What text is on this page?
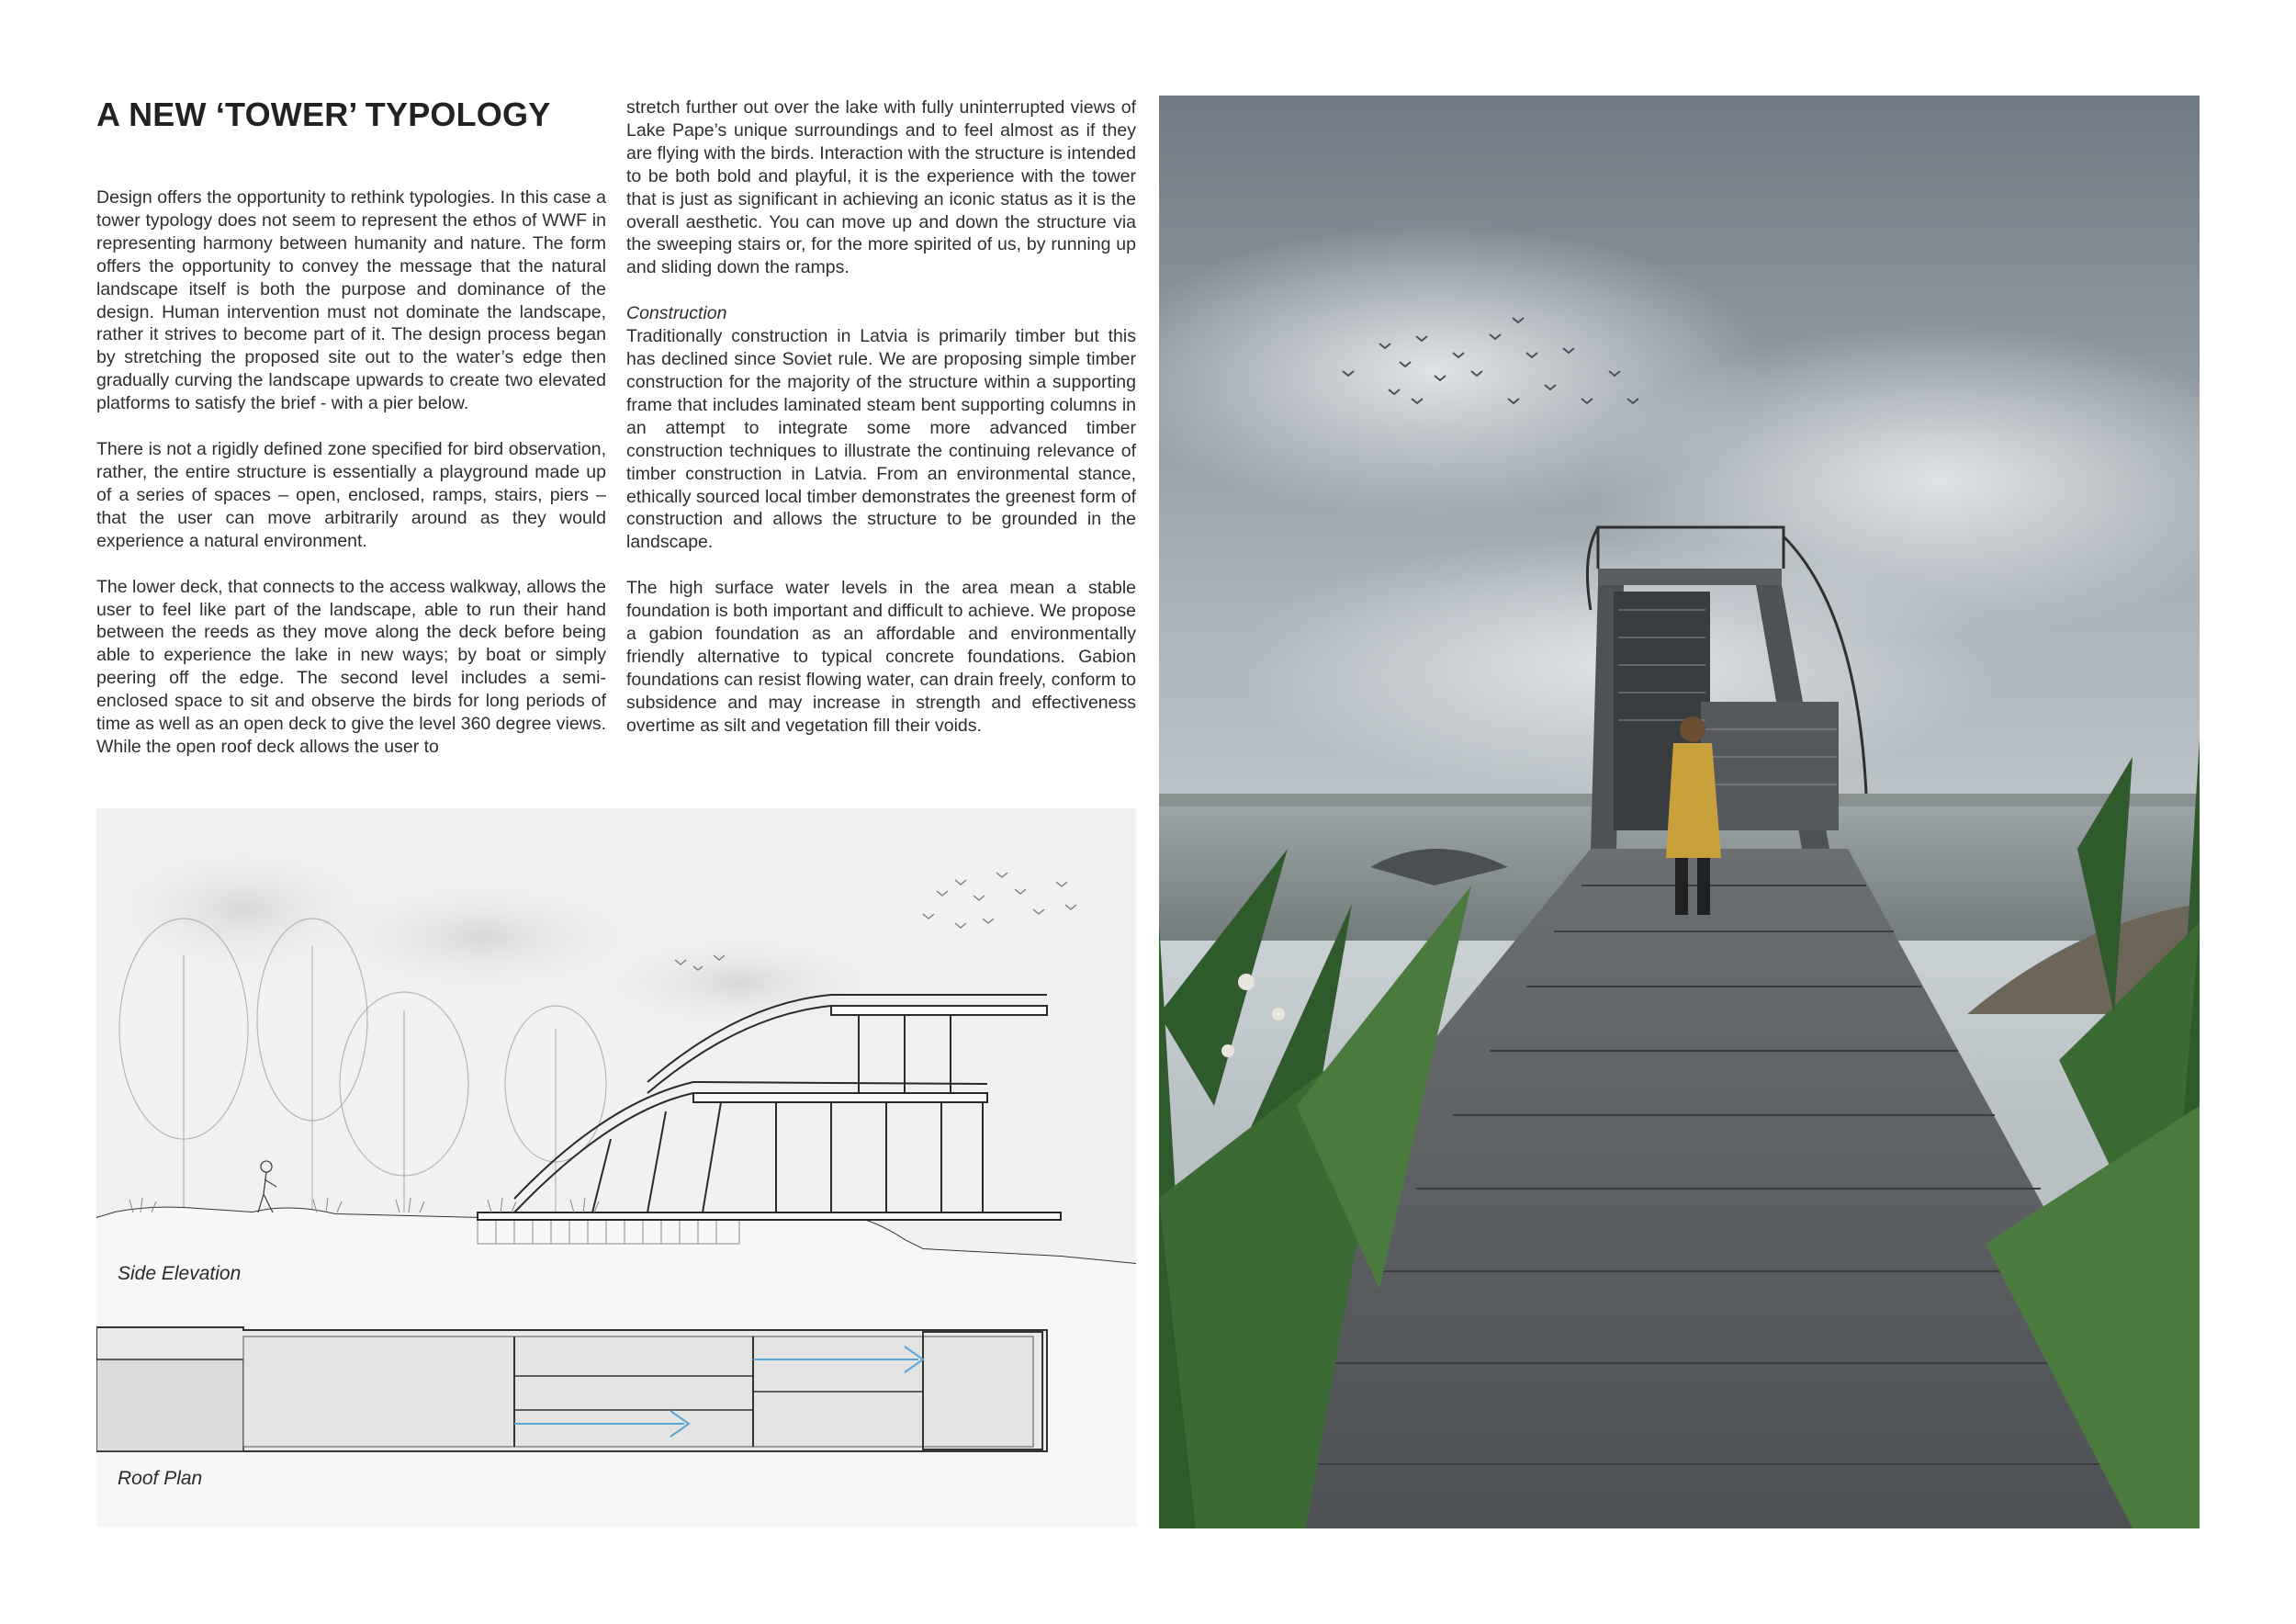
A NEW ‘TOWER’ TYPOLOGY

Design offers the opportunity to rethink typologies. In this case a tower typology does not seem to represent the ethos of WWF in representing harmony between humanity and nature. The form offers the opportunity to convey the message that the natural landscape itself is both the purpose and dominance of the design. Human intervention must not dominate the landscape, rather it strives to become part of it. The design process began by stretching the proposed site out to the water’s edge then gradually curving the landscape upwards to create two elevated platforms to satisfy the brief - with a pier below.

There is not a rigidly defined zone specified for bird observation, rather, the entire structure is essentially a playground made up of a series of spaces – open, enclosed, ramps, stairs, piers – that the user can move arbitrarily around as they would experience a natural environment.

The lower deck, that connects to the access walkway, allows the user to feel like part of the landscape, able to run their hand between the reeds as they move along the deck before being able to experience the lake in new ways; by boat or simply peering off the edge. The second level includes a semi-enclosed space to sit and observe the birds for long periods of time as well as an open deck to give the level 360 degree views. While the open roof deck allows the user to

stretch further out over the lake with fully uninterrupted views of Lake Pape’s unique surroundings and to feel almost as if they are flying with the birds. Interaction with the structure is intended to be both bold and playful, it is the experience with the tower that is just as significant in achieving an iconic status as it is the overall aesthetic. You can move up and down the structure via the sweeping stairs or, for the more spirited of us, by running up and sliding down the ramps.

Construction

Traditionally construction in Latvia is primarily timber but this has declined since Soviet rule. We are proposing simple timber construction for the majority of the structure within a supporting frame that includes laminated steam bent supporting columns in an attempt to integrate some more advanced timber construction techniques to illustrate the continuing relevance of timber construction in Latvia. From an environmental stance, ethically sourced local timber demonstrates the greenest form of construction and allows the structure to be grounded in the landscape.

The high surface water levels in the area mean a stable foundation is both important and difficult to achieve. We propose a gabion foundation as an affordable and environmentally friendly alternative to typical concrete foundations. Gabion foundations can resist flowing water, can drain freely, conform to subsidence and may increase in strength and effectiveness overtime as silt and vegetation fill their voids.

Side Elevation
Roof Plan
